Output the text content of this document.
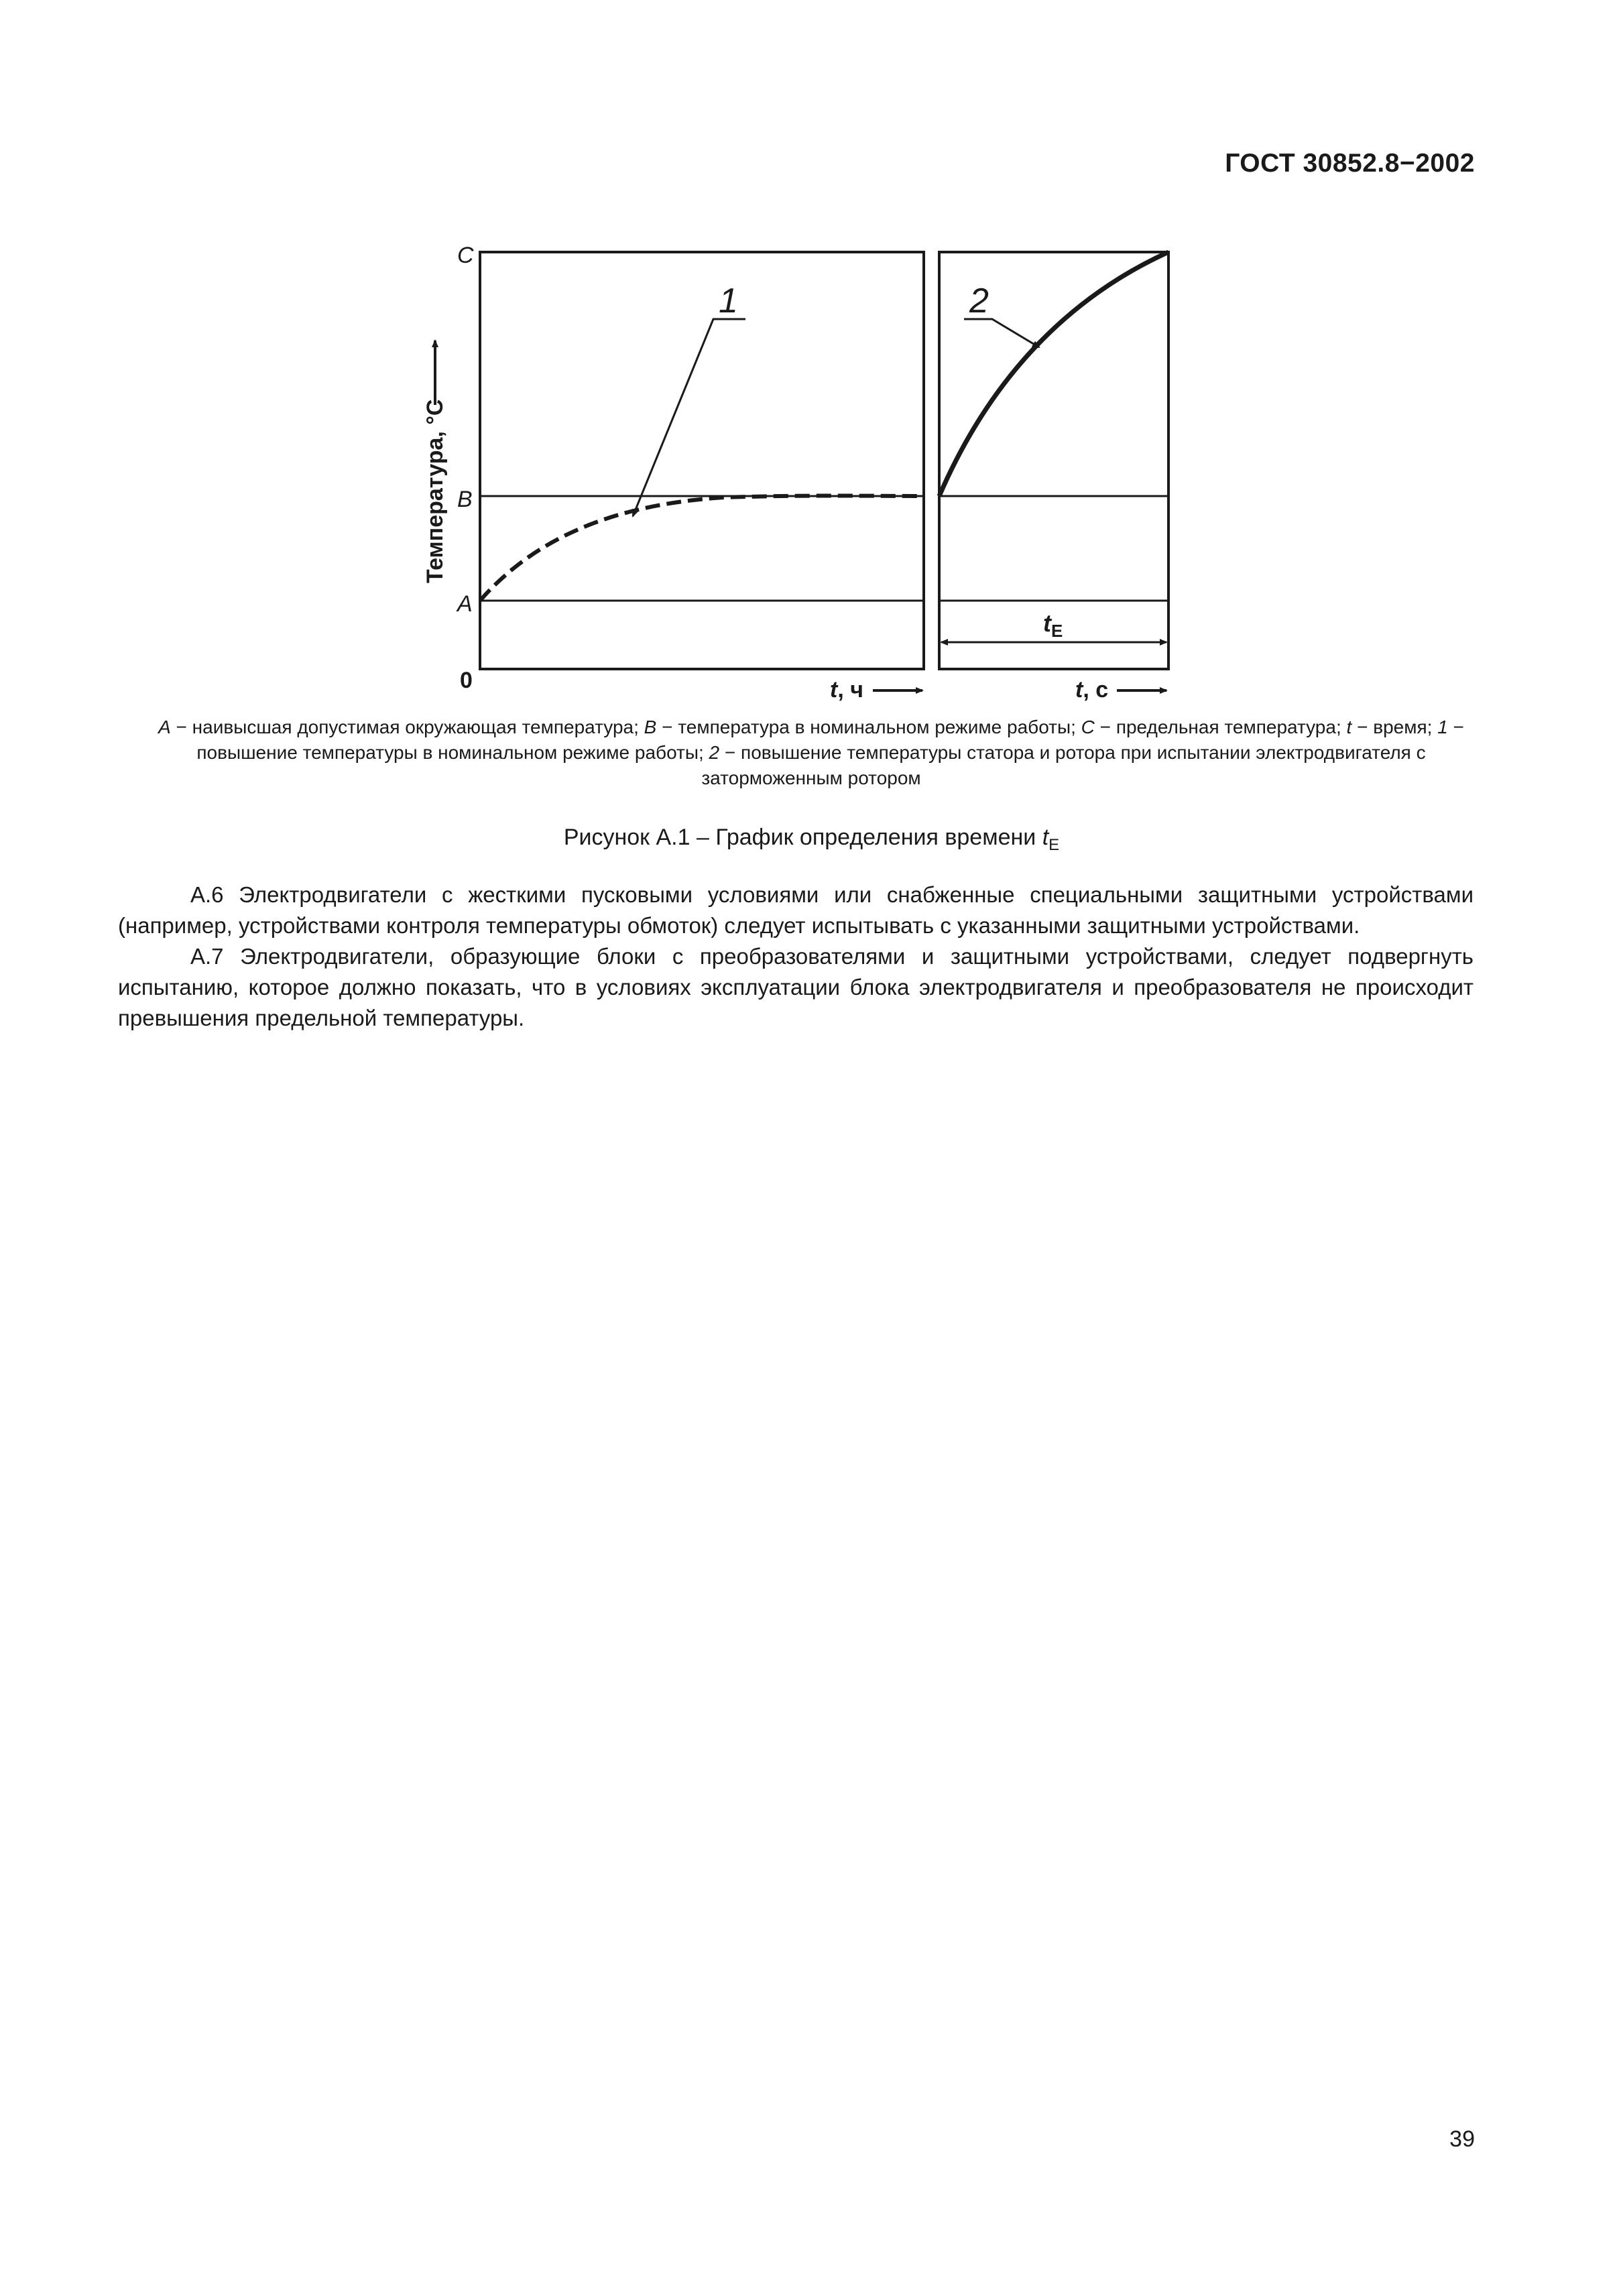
ГОСТ 30852.8−2002
1	2
С
В
А
0
Температура, °С
t, ч	t, с
$t_E$
А − наивысшая допустимая окружающая температура; В − температура в номинальном режиме работы; С − предельная температура; t − время; 1 − повышение температуры в номинальном режиме работы; 2 − повышение температуры статора и ротора при испытании электродвигателя с заторможенным ротором
Рисунок А.1 – График определения времени $t_E$

А.6 Электродвигатели с жесткими пусковыми условиями или снабженные специальными защитными устройствами (например, устройствами контроля температуры обмоток) следует испытывать с указанными защитными устройствами.

А.7 Электродвигатели, образующие блоки с преобразователями и защитными устройствами, следует подвергнуть испытанию, которое должно показать, что в условиях эксплуатации блока электродвигателя и преобразователя не происходит превышения предельной температуры.

39
